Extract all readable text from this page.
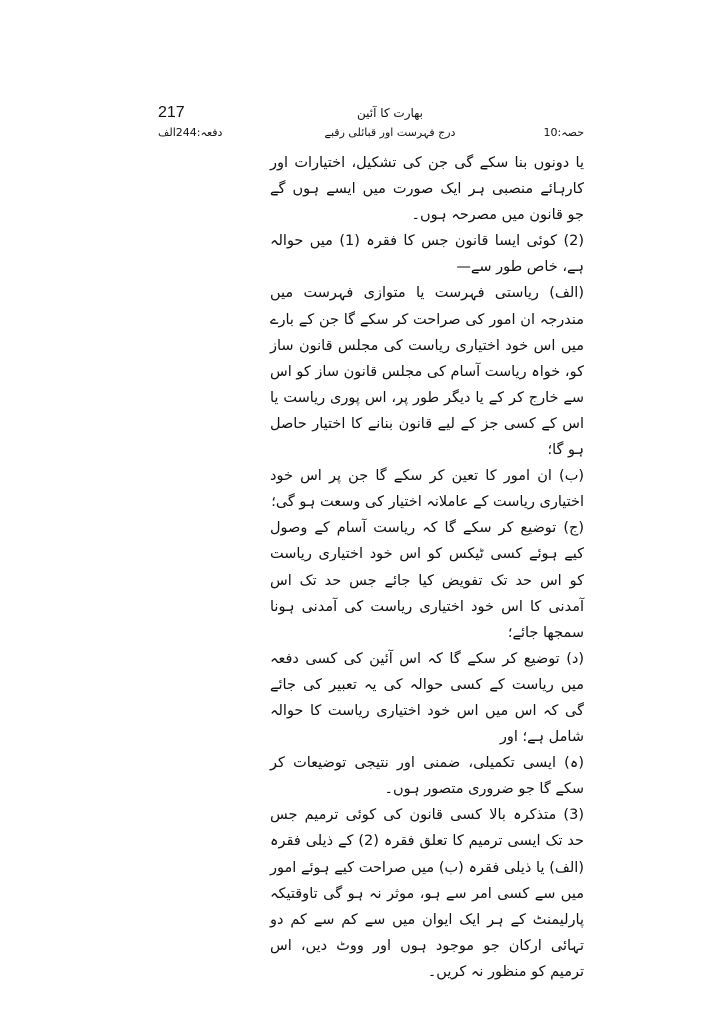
217	بھارت کا آئین
دفعہ:244الف	درج فہرست اور قبائلی رقبے	حصہ:10

یا دونوں بنا سکے گی جن کی تشکیل، اختیارات اور کارہائے منصبی ہر ایک صورت میں ایسے ہوں گے جو قانون میں مصرحہ ہوں۔

(2) کوئی ایسا قانون جس کا فقرہ (1) میں حوالہ ہے، خاص طور سے—

(الف) ریاستی فہرست یا متوازی فہرست میں مندرجہ ان امور کی صراحت کر سکے گا جن کے بارے میں اس خود اختیاری ریاست کی مجلس قانون ساز کو، خواہ ریاست آسام کی مجلس قانون ساز کو اس سے خارج کر کے یا دیگر طور پر، اس پوری ریاست یا اس کے کسی جز کے لیے قانون بنانے کا اختیار حاصل ہو گا؛

(ب) ان امور کا تعین کر سکے گا جن پر اس خود اختیاری ریاست کے عاملانہ اختیار کی وسعت ہو گی؛

(ج) توضیع کر سکے گا کہ ریاست آسام کے وصول کیے ہوئے کسی ٹیکس کو اس خود اختیاری ریاست کو اس حد تک تفویض کیا جائے جس حد تک اس آمدنی کا اس خود اختیاری ریاست کی آمدنی ہونا سمجھا جائے؛

(د) توضیع کر سکے گا کہ اس آئین کی کسی دفعہ میں ریاست کے کسی حوالہ کی یہ تعبیر کی جائے گی کہ اس میں اس خود اختیاری ریاست کا حوالہ شامل ہے؛ اور

(ہ) ایسی تکمیلی، ضمنی اور نتیجی توضیعات کر سکے گا جو ضروری متصور ہوں۔

(3) متذکرہ بالا کسی قانون کی کوئی ترمیم جس حد تک ایسی ترمیم کا تعلق فقرہ (2) کے ذیلی فقرہ (الف) یا ذیلی فقرہ (ب) میں صراحت کیے ہوئے امور میں سے کسی امر سے ہو، موثر نہ ہو گی تاوقتیکہ پارلیمنٹ کے ہر ایک ایوان میں سے کم سے کم دو تہائی ارکان جو موجود ہوں اور ووٹ دیں، اس ترمیم کو منظور نہ کریں۔
